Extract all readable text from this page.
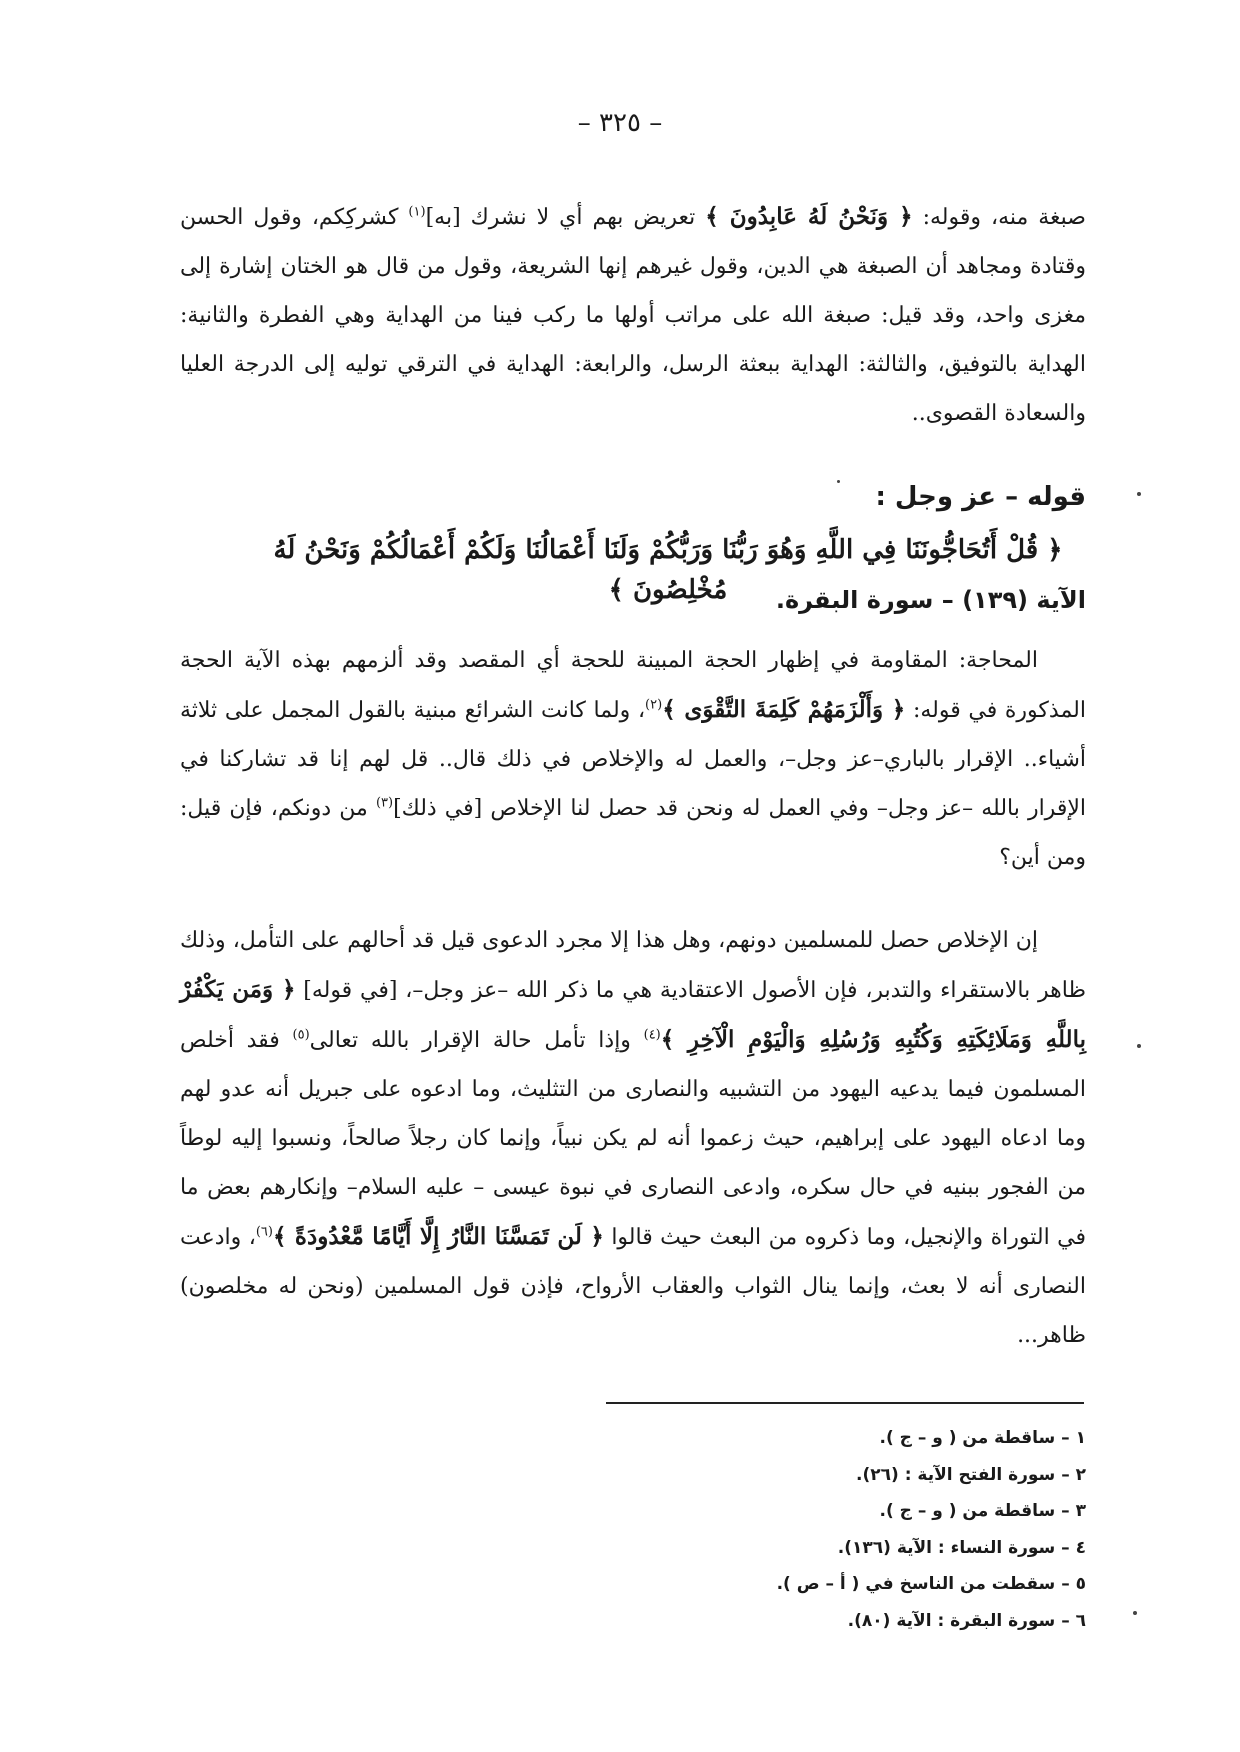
– ٣٢٥ –
صبغة منه، وقوله: ﴿ وَنَحْنُ لَهُ عَابِدُونَ ﴾ تعريض بهم أي لا نشرك [به]$^{(١)}$ كشركِكم، وقول الحسن وقتادة ومجاهد أن الصبغة هي الدين، وقول غيرهم إنها الشريعة، وقول من قال هو الختان إشارة إلى مغزى واحد، وقد قيل: صبغة الله على مراتب أولها ما ركب فينا من الهداية وهي الفطرة والثانية: الهداية بالتوفيق، والثالثة: الهداية ببعثة الرسل، والرابعة: الهداية في الترقي توليه إلى الدرجة العليا والسعادة القصوى..
قوله – عز وجل :
﴿ قُلْ أَتُحَاجُّونَنَا فِي اللَّهِ وَهُوَ رَبُّنَا وَرَبُّكُمْ وَلَنَا أَعْمَالُنَا وَلَكُمْ أَعْمَالُكُمْ وَنَحْنُ لَهُ مُخْلِصُونَ ﴾	الآية (١٣٩) – سورة البقرة.
المحاجة: المقاومة في إظهار الحجة المبينة للحجة أي المقصد وقد ألزمهم بهذه الآية الحجة المذكورة في قوله: ﴿ وَأَلْزَمَهُمْ كَلِمَةَ التَّقْوَى ﴾$^{(٢)}$، ولما كانت الشرائع مبنية بالقول المجمل على ثلاثة أشياء.. الإقرار بالباري–عز وجل–، والعمل له والإخلاص في ذلك قال.. قل لهم إنا قد تشاركنا في الإقرار بالله –عز وجل– وفي العمل له ونحن قد حصل لنا الإخلاص [في ذلك]$^{(٣)}$ من دونكم، فإن قيل: ومن أين؟
إن الإخلاص حصل للمسلمين دونهم، وهل هذا إلا مجرد الدعوى قيل قد أحالهم على التأمل، وذلك ظاهر بالاستقراء والتدبر، فإن الأصول الاعتقادية هي ما ذكر الله –عز وجل–، [في قوله] ﴿ وَمَن يَكْفُرْ بِاللَّهِ وَمَلَائِكَتِهِ وَكُتُبِهِ وَرُسُلِهِ وَالْيَوْمِ الْآخِرِ ﴾$^{(٤)}$ وإذا تأمل حالة الإقرار بالله تعالى$^{(٥)}$ فقد أخلص المسلمون فيما يدعيه اليهود من التشبيه والنصارى من التثليث، وما ادعوه على جبريل أنه عدو لهم وما ادعاه اليهود على إبراهيم، حيث زعموا أنه لم يكن نبياً، وإنما كان رجلاً صالحاً، ونسبوا إليه لوطاً من الفجور ببنيه في حال سكره، وادعى النصارى في نبوة عيسى – عليه السلام– وإنكارهم بعض ما في التوراة والإنجيل، وما ذكروه من البعث حيث قالوا ﴿ لَن تَمَسَّنَا النَّارُ إِلَّا أَيَّامًا مَّعْدُودَةً ﴾$^{(٦)}$، وادعت النصارى أنه لا بعث، وإنما ينال الثواب والعقاب الأرواح، فإذن قول المسلمين (ونحن له مخلصون) ظاهر...
١ – ساقطة من ( و – ج ).
٢ – سورة الفتح الآية : (٢٦).
٣ – ساقطة من ( و – ج ).
٤ – سورة النساء : الآية (١٣٦).
٥ – سقطت من الناسخ في ( أ – ص ).
٦ – سورة البقرة : الآية (٨٠).
